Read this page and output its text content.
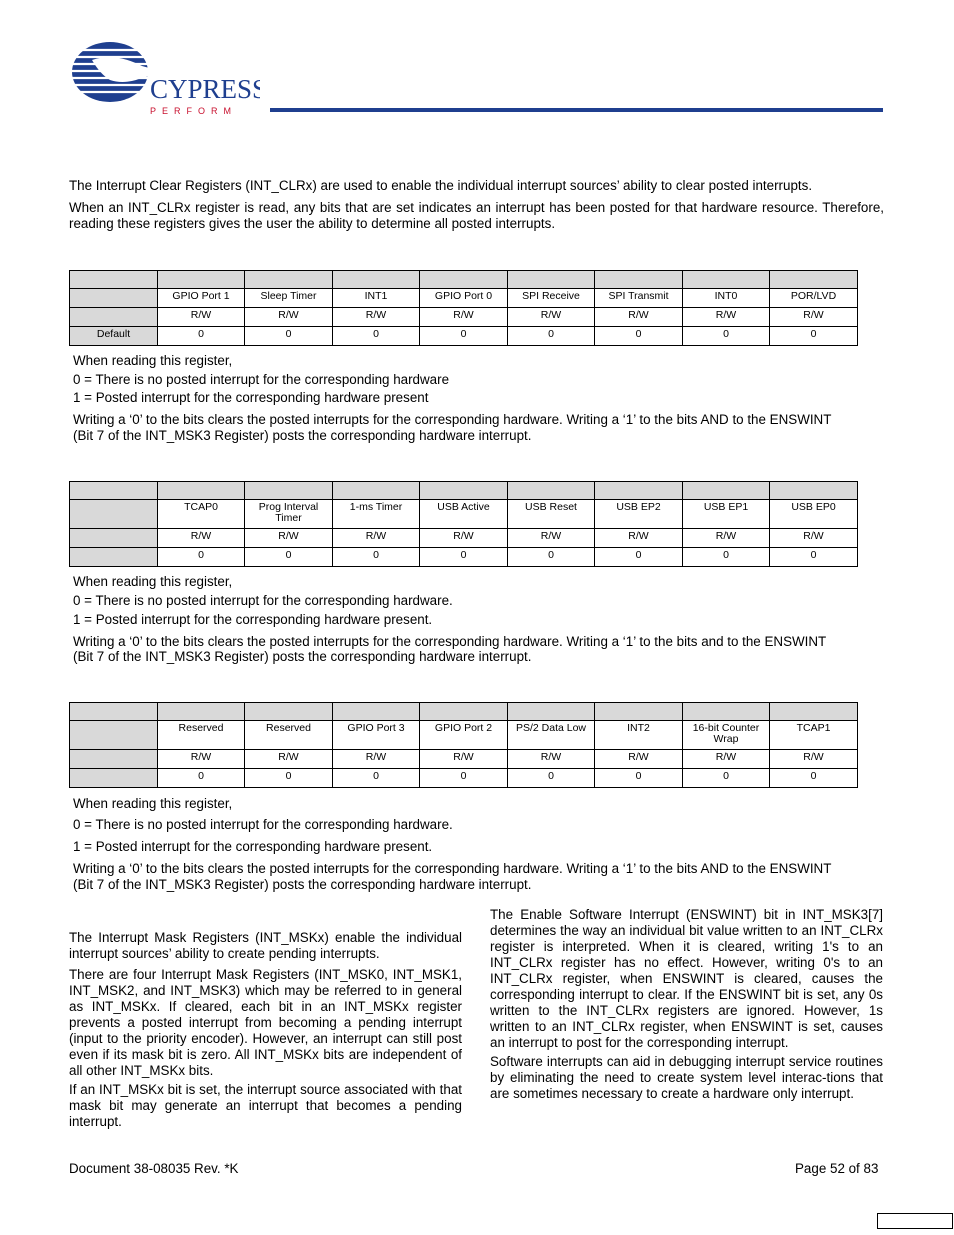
CYPRESS
PERFORM
The Interrupt Clear Registers (INT_CLRx) are used to enable the individual interrupt sources’ ability to clear posted interrupts.
When an INT_CLRx register is read, any bits that are set indicates an interrupt has been posted for that hardware resource. Therefore, reading these registers gives the user the ability to determine all posted interrupts.

	GPIO Port 1	Sleep Timer	INT1	GPIO Port 0	SPI Receive	SPI Transmit	INT0	POR/LVD
	R/W	R/W	R/W	R/W	R/W	R/W	R/W	R/W
Default	0	0	0	0	0	0	0	0
When reading this register,
0 = There is no posted interrupt for the corresponding hardware
1 = Posted interrupt for the corresponding hardware present
Writing a ‘0’ to the bits clears the posted interrupts for the corresponding hardware. Writing a ‘1’ to the bits AND to the ENSWINT
(Bit 7 of the INT_MSK3 Register) posts the corresponding hardware interrupt.

	TCAP0	Prog Interval Timer	1-ms Timer	USB Active	USB Reset	USB EP2	USB EP1	USB EP0
	R/W	R/W	R/W	R/W	R/W	R/W	R/W	R/W
	0	0	0	0	0	0	0	0
When reading this register,
0 = There is no posted interrupt for the corresponding hardware.
1 = Posted interrupt for the corresponding hardware present.
Writing a ‘0’ to the bits clears the posted interrupts for the corresponding hardware. Writing a ‘1’ to the bits and to the ENSWINT
(Bit 7 of the INT_MSK3 Register) posts the corresponding hardware interrupt.

	Reserved	Reserved	GPIO Port 3	GPIO Port 2	PS/2 Data Low	INT2	16-bit Counter Wrap	TCAP1
	R/W	R/W	R/W	R/W	R/W	R/W	R/W	R/W
	0	0	0	0	0	0	0	0
When reading this register,
0 = There is no posted interrupt for the corresponding hardware.
1 = Posted interrupt for the corresponding hardware present.
Writing a ‘0’ to the bits clears the posted interrupts for the corresponding hardware. Writing a ‘1’ to the bits AND to the ENSWINT
(Bit 7 of the INT_MSK3 Register) posts the corresponding hardware interrupt.
The Interrupt Mask Registers (INT_MSKx) enable the individual interrupt sources’ ability to create pending interrupts.
There are four Interrupt Mask Registers (INT_MSK0, INT_MSK1, INT_MSK2, and INT_MSK3) which may be referred to in general as INT_MSKx. If cleared, each bit in an INT_MSKx register prevents a posted interrupt from becoming a pending interrupt (input to the priority encoder). However, an interrupt can still post even if its mask bit is zero. All INT_MSKx bits are independent of all other INT_MSKx bits.
If an INT_MSKx bit is set, the interrupt source associated with that mask bit may generate an interrupt that becomes a pending interrupt.
The Enable Software Interrupt (ENSWINT) bit in INT_MSK3[7] determines the way an individual bit value written to an INT_CLRx register is interpreted. When it is cleared, writing 1's to an INT_CLRx register has no effect. However, writing 0's to an INT_CLRx register, when ENSWINT is cleared, causes the corresponding interrupt to clear. If the ENSWINT bit is set, any 0s written to the INT_CLRx registers are ignored. However, 1s written to an INT_CLRx register, when ENSWINT is set, causes an interrupt to post for the corresponding interrupt.
Software interrupts can aid in debugging interrupt service routines by eliminating the need to create system level interac-tions that are sometimes necessary to create a hardware only interrupt.
Document 38-08035 Rev. *K	Page 52 of 83
